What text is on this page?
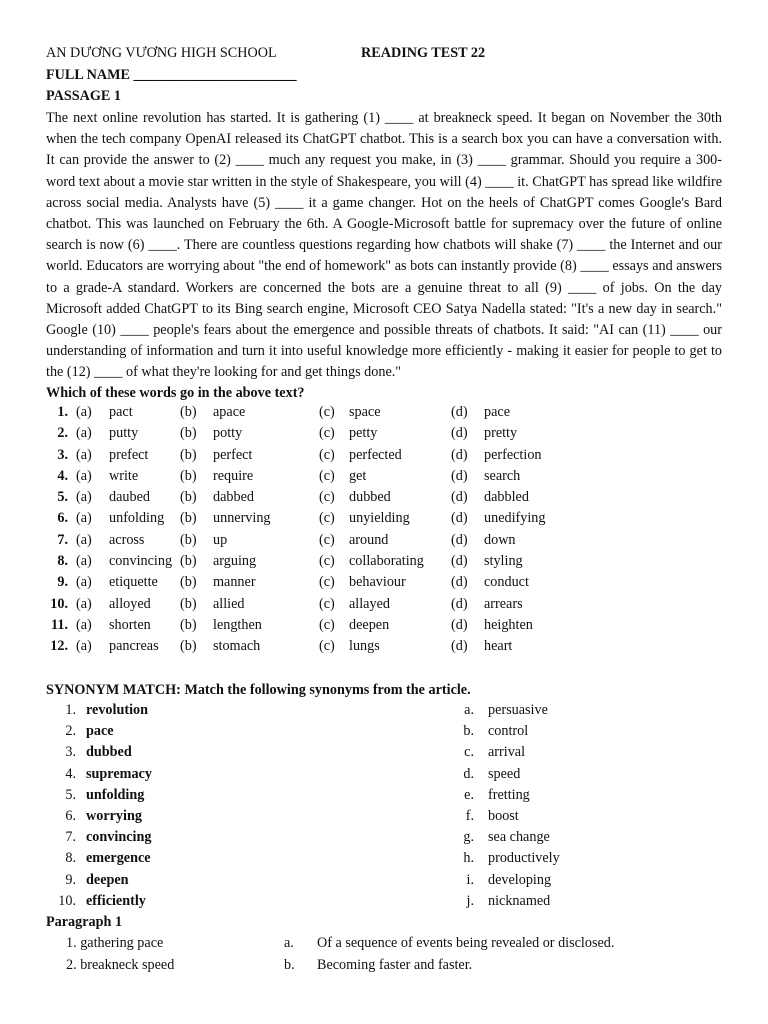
AN DƯƠNG VƯƠNG HIGH SCHOOL	READING TEST 22
FULL NAME _______________________
PASSAGE 1

The next online revolution has started. It is gathering (1) ____ at breakneck speed. It began on November the 30th when the tech company OpenAI released its ChatGPT chatbot. This is a search box you can have a conversation with. It can provide the answer to (2) ____ much any request you make, in (3) ____ grammar. Should you require a 300-word text about a movie star written in the style of Shakespeare, you will (4) ____ it. ChatGPT has spread like wildfire across social media. Analysts have (5) ____ it a game changer. Hot on the heels of ChatGPT comes Google's Bard chatbot. This was launched on February the 6th. A Google-Microsoft battle for supremacy over the future of online search is now (6) ____. There are countless questions regarding how chatbots will shake (7) ____ the Internet and our world. Educators are worrying about "the end of homework" as bots can instantly provide (8) ____ essays and answers to a grade-A standard. Workers are concerned the bots are a genuine threat to all (9) ____ of jobs. On the day Microsoft added ChatGPT to its Bing search engine, Microsoft CEO Satya Nadella stated: "It's a new day in search." Google (10) ____ people's fears about the emergence and possible threats of chatbots. It said: "AI can (11) ____ our understanding of information and turn it into useful knowledge more efficiently - making it easier for people to get to the (12) ____ of what they're looking for and get things done."

Which of these words go in the above text?
1. (a) pact	(b) apace	(c) space	(d) pace
2. (a) putty	(b) potty	(c) petty	(d) pretty
3. (a) prefect (b) perfect	(c) perfected	(d) perfection
4. (a) write	(b) require	(c) get	(d) search
5. (a) daubed (b) dabbed	(c) dubbed	(d) dabbled
6. (a) unfolding (b) unnerving	(c) unyielding	(d) unedifying
7. (a) across	(b) up	(c) around	(d) down
8. (a) convincing (b) arguing	(c) collaborating (d) styling
9. (a) etiquette (b) manner	(c) behaviour	(d) conduct
10. (a) alloyed (b) allied	(c) allayed	(d) arrears
11. (a) shorten (b) lengthen	(c) deepen	(d) heighten
12. (a) pancreas (b) stomach	(c) lungs	(d) heart
SYNONYM MATCH: Match the following synonyms from the article.
1. revolution	a. persuasive
2. pace	b. control
3. dubbed	c. arrival
4. supremacy	d. speed
5. unfolding	e. fretting
6. worrying	f. boost
7. convincing	g. sea change
8. emergence	h. productively
9. deepen	i. developing
10. efficiently	j. nicknamed
Paragraph 1
1. gathering pace	a. Of a sequence of events being revealed or disclosed.
2. breakneck speed	b. Becoming faster and faster.
